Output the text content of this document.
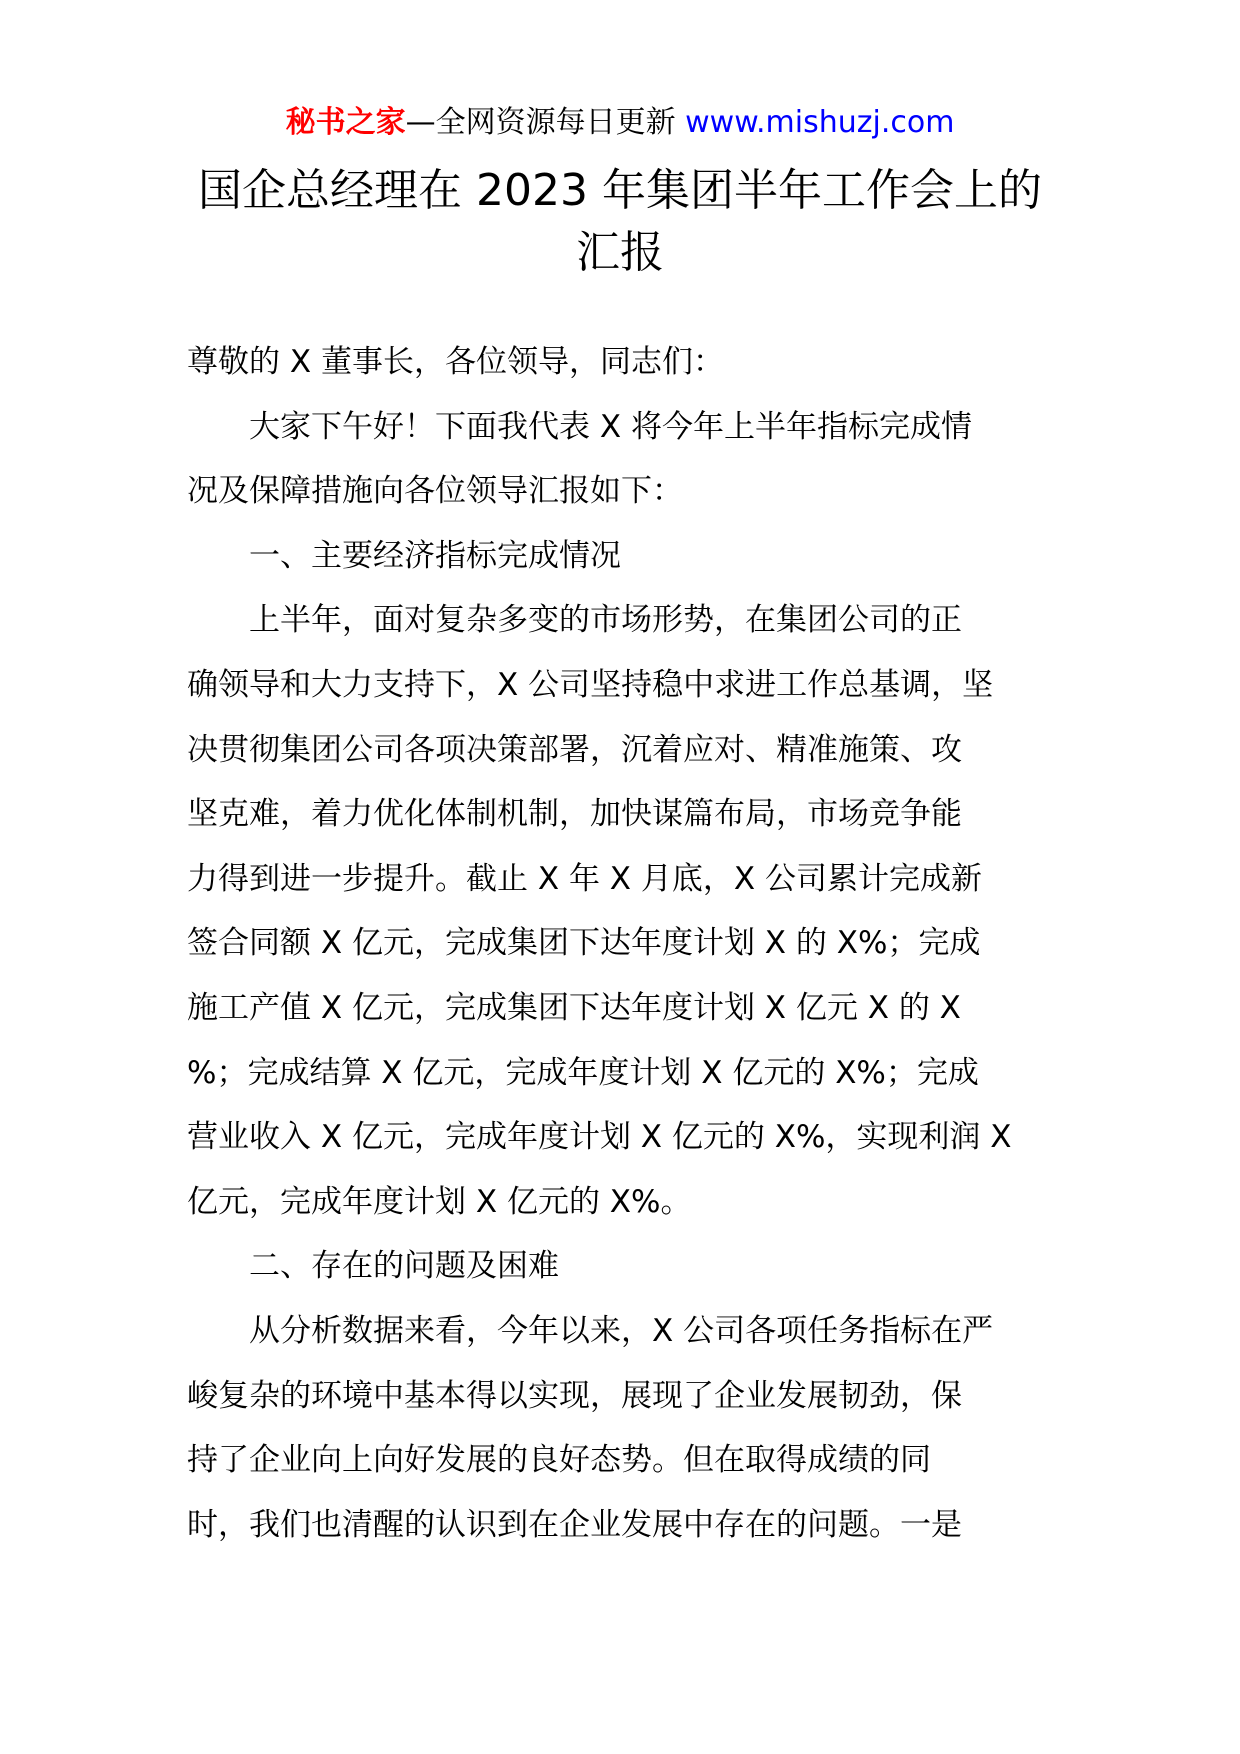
秘书之家—全网资源每日更新 www.mishuzj.com
国企总经理在 2023 年集团半年工作会上的
汇报
尊敬的 X 董事长，各位领导，同志们：
　　大家下午好！下面我代表 X 将今年上半年指标完成情
况及保障措施向各位领导汇报如下：
　　一、主要经济指标完成情况
　　上半年，面对复杂多变的市场形势，在集团公司的正
确领导和大力支持下，X 公司坚持稳中求进工作总基调，坚
决贯彻集团公司各项决策部署，沉着应对、精准施策、攻
坚克难，着力优化体制机制，加快谋篇布局，市场竞争能
力得到进一步提升。截止 X 年 X 月底，X 公司累计完成新
签合同额 X 亿元，完成集团下达年度计划 X 的 X%；完成
施工产值 X 亿元，完成集团下达年度计划 X 亿元 X 的 X
%；完成结算 X 亿元，完成年度计划 X 亿元的 X%；完成
营业收入 X 亿元，完成年度计划 X 亿元的 X%，实现利润 X
亿元，完成年度计划 X 亿元的 X%。
　　二、存在的问题及困难
　　从分析数据来看，今年以来，X 公司各项任务指标在严
峻复杂的环境中基本得以实现，展现了企业发展韧劲，保
持了企业向上向好发展的良好态势。但在取得成绩的同
时，我们也清醒的认识到在企业发展中存在的问题。一是
